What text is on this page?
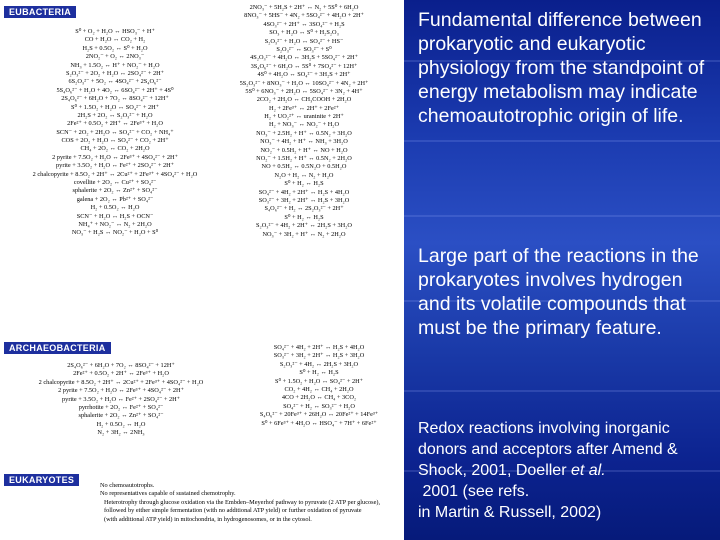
EUBACTERIA
S⁰ + O₂ + H₂O ↔ HSO₃⁻ + H⁺
CO + H₂O ↔ CO₂ + H₂
H₂S + 0.5O₂ ↔ S⁰ + H₂O
2NO₂⁻ + O₂ ↔ 2NO₃⁻
NH₃ + 1.5O₂ ↔ H⁺ + NO₂⁻ + H₂O
S₂O₃²⁻ + 2O₂ + H₂O ↔ 2SO₄²⁻ + 2H⁺
6S₂O₃²⁻ + 5O₂ ↔ 4SO₄²⁻ + 2S₄O₆²⁻
5S₄O₆²⁻ + H₂O + 4O₂ ↔ 6SO₄²⁻ + 2H⁺ + 4S⁰
2S₄O₆²⁻ + 6H₂O + 7O₂ ↔ 8SO₄²⁻ + 12H⁺
S⁰ + 1.5O₂ + H₂O ↔ SO₄²⁻ + 2H⁺
2H₂S + 2O₂ ↔ S₂O₃²⁻ + H₂O
2Fe²⁺ + 0.5O₂ + 2H⁺ ↔ 2Fe³⁺ + H₂O
SCN⁻ + 2O₂ + 2H₂O ↔ SO₄²⁻ + CO₂ + NH₄⁺
COS + 2O₂ + H₂O ↔ SO₄²⁻ + CO₂ + 2H⁺
CH₄ + 2O₂ ↔ CO₂ + 2H₂O
2 pyrite + 7.5O₂ + H₂O ↔ 2Fe³⁺ + 4SO₄²⁻ + 2H⁺
pyrite + 3.5O₂ + H₂O ↔ Fe²⁺ + 2SO₄²⁻ + 2H⁺
2 chalcopyrite + 8.5O₂ + 2H⁺ ↔ 2Cu²⁺ + 2Fe³⁺ + 4SO₄²⁻ + H₂O
covellite + 2O₂ ↔ Cu²⁺ + SO₄²⁻
sphalerite + 2O₂ ↔ Zn²⁺ + SO₄²⁻
galena + 2O₂ ↔ Pb²⁺ + SO₄²⁻
H₂ + 0.5O₂ ↔ H₂O
SCN⁻ + H₂O ↔ H₂S + OCN⁻
NH₄⁺ + NO₂⁻ ↔ N₂ + 2H₂O
NO₃⁻ + H₂S ↔ NO₂⁻ + H₂O + S⁰
2NO₃⁻ + 5H₂S + 2H⁺ ↔ N₂ + 5S⁰ + 6H₂O
8NO₃⁻ + 5HS⁻ + 4N₂ + 5SO₄²⁻ + 4H₂O + 2H⁺
4SO₃²⁻ + 2H⁺ ↔ 3SO₄²⁻ + H₂S
SO₃ + H₂O ↔ S⁰ + H₂S₂O₃
S₂O₃²⁻ + H₂O ↔ SO₄²⁻ + HS⁻
S₂O₃²⁻ ↔ SO₃²⁻ + S⁰
4S₂O₃²⁻ + 4H₂O ↔ 3H₂S + 5SO₄²⁻ + 2H⁺
3S₄O₆²⁻ + 6H₂O ↔ 5S⁰ + 7SO₄²⁻ + 12H⁺
4S⁰ + 4H₂O ↔ SO₄²⁻ + 3H₂S + 2H⁺
5S₂O₃²⁻ + 8NO₃⁻ + H₂O ↔ 10SO₄²⁻ + 4N₂ + 2H⁺
5S⁰ + 6NO₃⁻ + 2H₂O ↔ 5SO₄²⁻ + 3N₂ + 4H⁺
2CO₂ + 2H₂O ↔ CH₃COOH + 2H₂O
H₂ + 2Fe³⁺ ↔ 2H⁺ + 2Fe²⁺
H₂ + UO₂²⁺ ↔ uraninite + 2H⁺
H₂ + NO₃⁻ ↔ NO₂⁻ + H₂O
NO₃⁻ + 2.5H₂ + H⁺ ↔ 0.5N₂ + 3H₂O
NO₃⁻ + 4H₂ + H⁺ ↔ NH₃ + 3H₂O
NO₂⁻ + 0.5H₂ + H⁺ ↔ NO + H₂O
NO₂⁻ + 1.5H₂ + H⁺ ↔ 0.5N₂ + 2H₂O
NO + 0.5H₂ ↔ 0.5N₂O + 0.5H₂O
N₂O + H₂ ↔ N₂ + H₂O
S⁰ + H₂ ↔ H₂S
SO₄²⁻ + 4H₂ + 2H⁺ ↔ H₂S + 4H₂O
SO₃²⁻ + 3H₂ + 2H⁺ ↔ H₂S + 3H₂O
S₄O₆²⁻ + H₂ ↔ 2S₂O₃²⁻ + 2H⁺
S⁰ + H₂ ↔ H₂S
S₂O₃²⁻ + 4H₂ + 2H⁺ ↔ 2H₂S + 3H₂O
NO₃⁻ + 3H₂ + H⁺ ↔ N₂ + 2H₂O
ARCHAEOBACTERIA
2S₄O₆²⁻ + 6H₂O + 7O₂ ↔ 8SO₄²⁻ + 12H⁺
2Fe²⁺ + 0.5O₂ + 2H⁺ ↔ 2Fe³⁺ + H₂O
2 chalcopyrite + 8.5O₂ + 2H⁺ ↔ 2Cu²⁺ + 2Fe³⁺ + 4SO₄²⁻ + H₂O
2 pyrite + 7.5O₂ + H₂O ↔ 2Fe³⁺ + 4SO₄²⁻ + 2H⁺
pyrite + 3.5O₂ + H₂O ↔ Fe²⁺ + 2SO₄²⁻ + 2H⁺
pyrrhotite + 2O₂ ↔ Fe²⁺ + SO₄²⁻
sphalerite + 2O₂ ↔ Zn²⁺ + SO₄²⁻
H₂ + 0.5O₂ ↔ H₂O
N₂ + 3H₂ ↔ 2NH₃
SO₄²⁻ + 4H₂ + 2H⁺ ↔ H₂S + 4H₂O
SO₃²⁻ + 3H₂ + 2H⁺ ↔ H₂S + 3H₂O
S₂O₃²⁻ + 4H₂ ↔ 2H₂S + 3H₂O
S⁰ + H₂ ↔ H₂S
S⁰ + 1.5O₂ + H₂O ↔ SO₄²⁻ + 2H⁺
CO₂ + 4H₂ ↔ CH₄ + 2H₂O
4CO + 2H₂O ↔ CH₄ + 3CO₂
SO₄²⁻ + H₂ ↔ SO₃²⁻ + H₂O
S₄O₆²⁻ + 20Fe³⁺ + 26H₂O ↔ 20Fe²⁺ + 14Fe³⁺
S⁰ + 6Fe³⁺ + 4H₂O ↔ HSO₄⁻ + 7H⁺ + 6Fe²⁺
EUKARYOTES
No chemoautotrophs.
No representatives capable of sustained chemotrophy.
Heterotrophy through glucose oxidation via the Embden–Meyerhof pathway to pyruvate (2 ATP per glucose),
followed by either simple fermentation (with no additional ATP yield) or further oxidation of pyruvate
(with additional ATP yield) in mitochondria, in hydrogenosomes, or in the cytosol.
Fundamental difference between prokaryotic and eukaryotic physiology from the standpoint of energy metabolism may indicate chemoautotrophic origin of life.
Large part of the reactions in the prokaryotes involves hydrogen and its volatile compounds that must be the primary feature.
Redox reactions involving inorganic donors and acceptors after Amend & Shock, 2001, Doeller et al. 2001 (see refs.
in Martin & Russell, 2002)
